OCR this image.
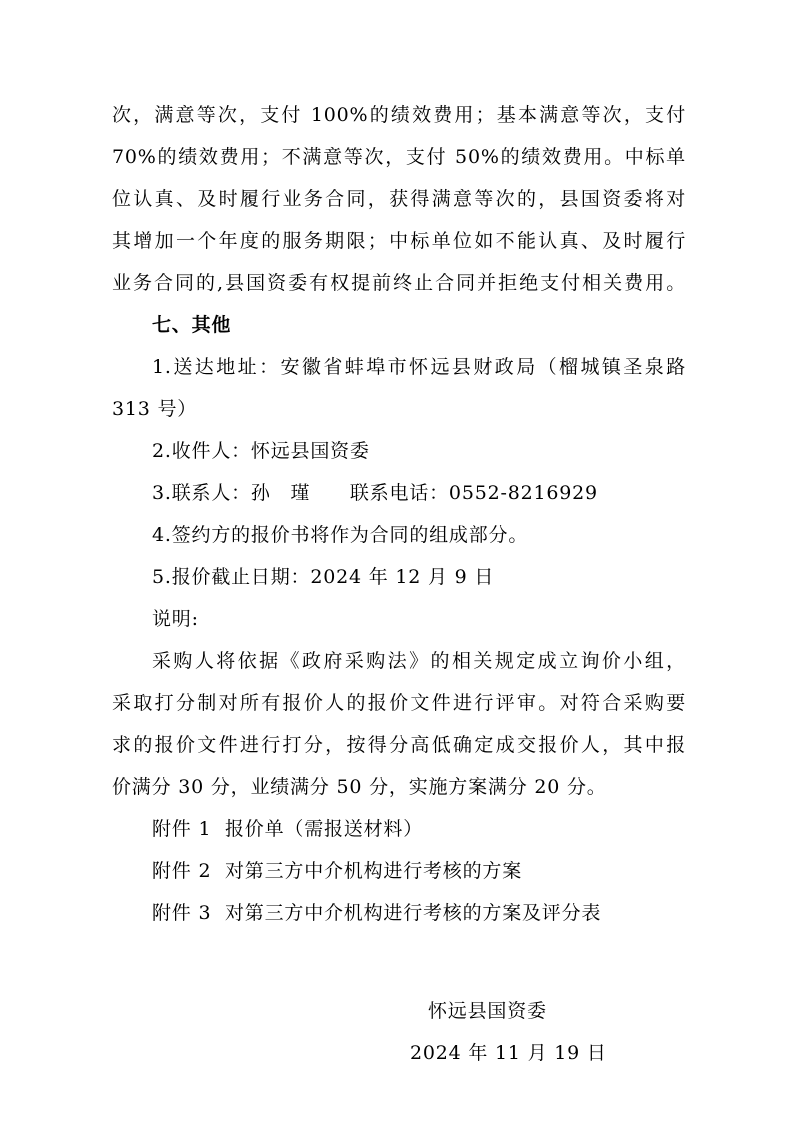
次，满意等次，支付 100%的绩效费用；基本满意等次，支付
70%的绩效费用；不满意等次，支付 50%的绩效费用。中标单
位认真、及时履行业务合同，获得满意等次的，县国资委将对
其增加一个年度的服务期限；中标单位如不能认真、及时履行
业务合同的,县国资委有权提前终止合同并拒绝支付相关费用。
七、其他
1.送达地址：安徽省蚌埠市怀远县财政局（榴城镇圣泉路
313 号）
2.收件人：怀远县国资委
3.联系人：孙　瑾　　联系电话：0552-8216929
4.签约方的报价书将作为合同的组成部分。
5.报价截止日期：2024 年 12 月 9 日
说明:
采购人将依据《政府采购法》的相关规定成立询价小组，
采取打分制对所有报价人的报价文件进行评审。对符合采购要
求的报价文件进行打分，按得分高低确定成交报价人，其中报
价满分 30 分，业绩满分 50 分，实施方案满分 20 分。
附件 1  报价单（需报送材料）
附件 2  对第三方中介机构进行考核的方案
附件 3  对第三方中介机构进行考核的方案及评分表
怀远县国资委
2024 年 11 月 19 日
